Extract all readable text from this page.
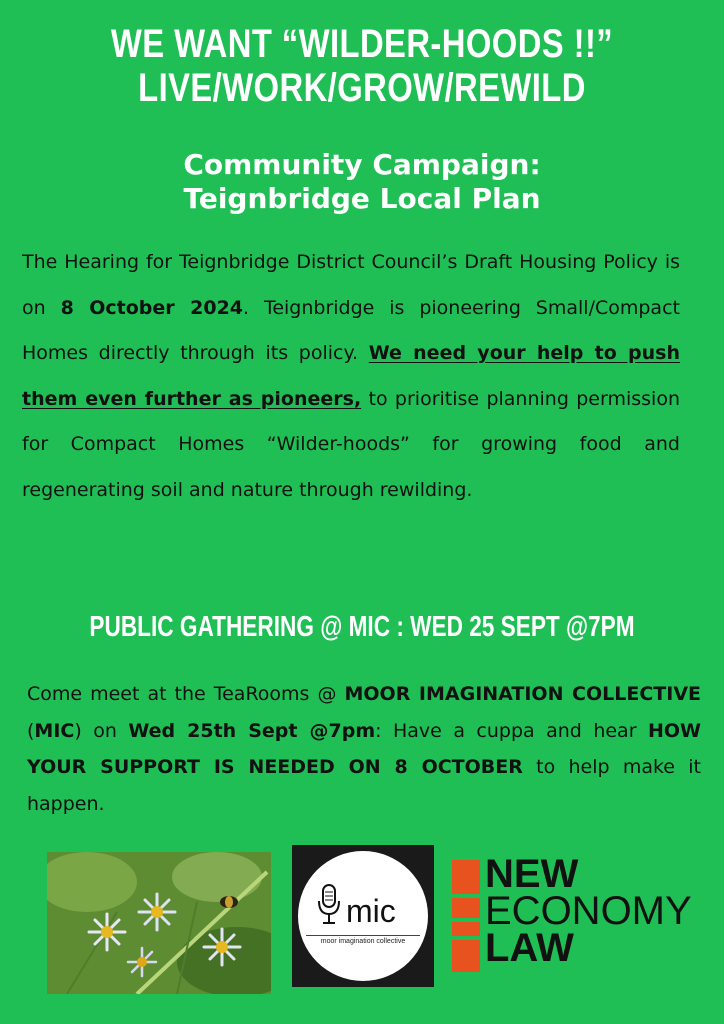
WE WANT “WILDER-HOODS !!”
LIVE/WORK/GROW/REWILD
Community Campaign:
Teignbridge Local Plan
The Hearing for Teignbridge District Council’s Draft Housing Policy is on 8 October 2024. Teignbridge is pioneering Small/Compact Homes directly through its policy. We need your help to push them even further as pioneers, to prioritise planning permission for Compact Homes “Wilder-hoods” for growing food and regenerating soil and nature through rewilding.
PUBLIC GATHERING @ MIC : WED 25 SEPT @7PM
Come meet at the TeaRooms @ MOOR IMAGINATION COLLECTIVE (MIC) on Wed 25th Sept @7pm: Have a cuppa and hear HOW YOUR SUPPORT IS NEEDED ON 8 OCTOBER to help make it happen.
mic
moor imagination collective
NEW
ECONOMY
LAW
